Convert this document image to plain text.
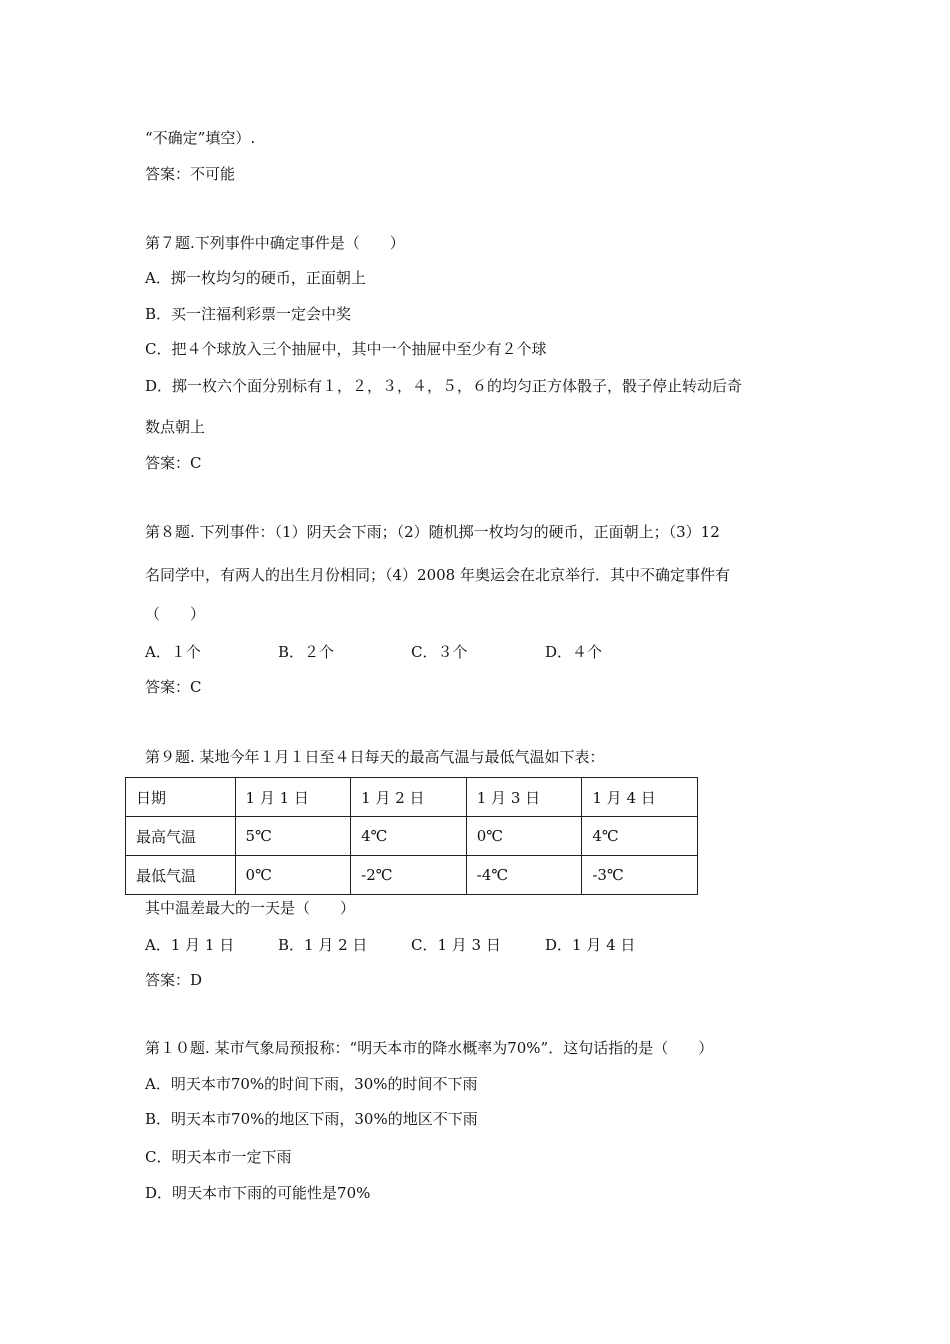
“不确定”填空）.
答案：不可能
第７题.下列事件中确定事件是（　　）
A．掷一枚均匀的硬币，正面朝上
B．买一注福利彩票一定会中奖
C．把４个球放入三个抽屉中，其中一个抽屉中至少有２个球
D．掷一枚六个面分别标有１，２，３，４，５，６的均匀正方体骰子，骰子停止转动后奇
数点朝上
答案：C
第８题. 下列事件：（1）阴天会下雨；（2）随机掷一枚均匀的硬币，正面朝上；（3）12
名同学中，有两人的出生月份相同；（4）2008 年奥运会在北京举行．其中不确定事件有
（　　）
A．１个	B．２个	C．３个	D．４个
答案：C
第９题. 某地今年１月１日至４日每天的最高气温与最低气温如下表：
日期	1 月 1 日	1 月 2 日	1 月 3 日	1 月 4 日
最高气温	5℃	4℃	0℃	4℃
最低气温	0℃	-2℃	-4℃	-3℃
其中温差最大的一天是（　　）
A．1 月 1 日	B．1 月 2 日	C．1 月 3 日	D．1 月 4 日
答案：D
第１０题. 某市气象局预报称：“明天本市的降水概率为70%”．这句话指的是（　　）
A．明天本市70%的时间下雨，30%的时间不下雨
B．明天本市70%的地区下雨，30%的地区不下雨
C．明天本市一定下雨
D．明天本市下雨的可能性是70%
